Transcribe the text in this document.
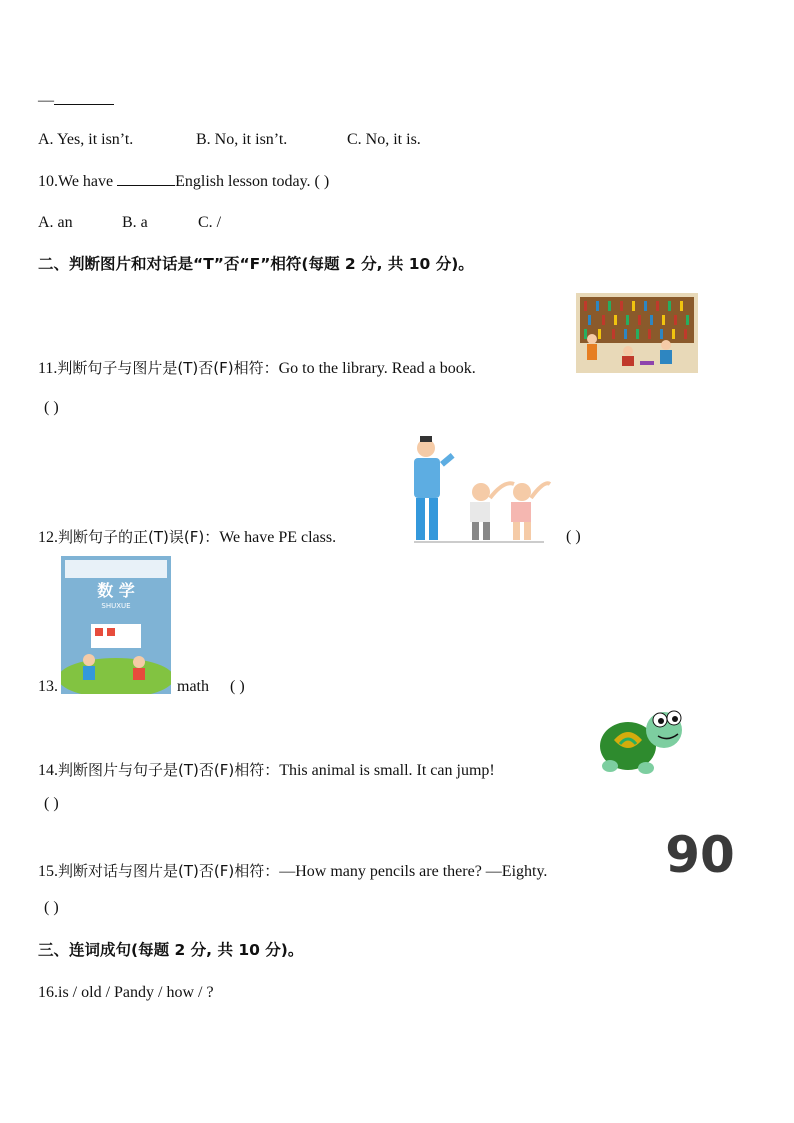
—
A. Yes, it isn’t.	B. No, it isn’t.	C. No, it is.
10.We have	English lesson today. ( )
A. an	B. a	C. /
二、判断图片和对话是“T”否“F”相符(每题 2 分, 共 10 分)。
11.判断句子与图片是(T)否(F)相符：Go to the library. Read a book.
( )
12.判断句子的正(T)误(F)：We have PE class.	( )
数 学
SHUXUE
13.	math ( )
14.判断图片与句子是(T)否(F)相符：This animal is small. It can jump!
( )
90
15.判断对话与图片是(T)否(F)相符：—How many pencils are there? —Eighty.
( )
三、连词成句(每题 2 分, 共 10 分)。
16.is / old / Pandy / how / ?
